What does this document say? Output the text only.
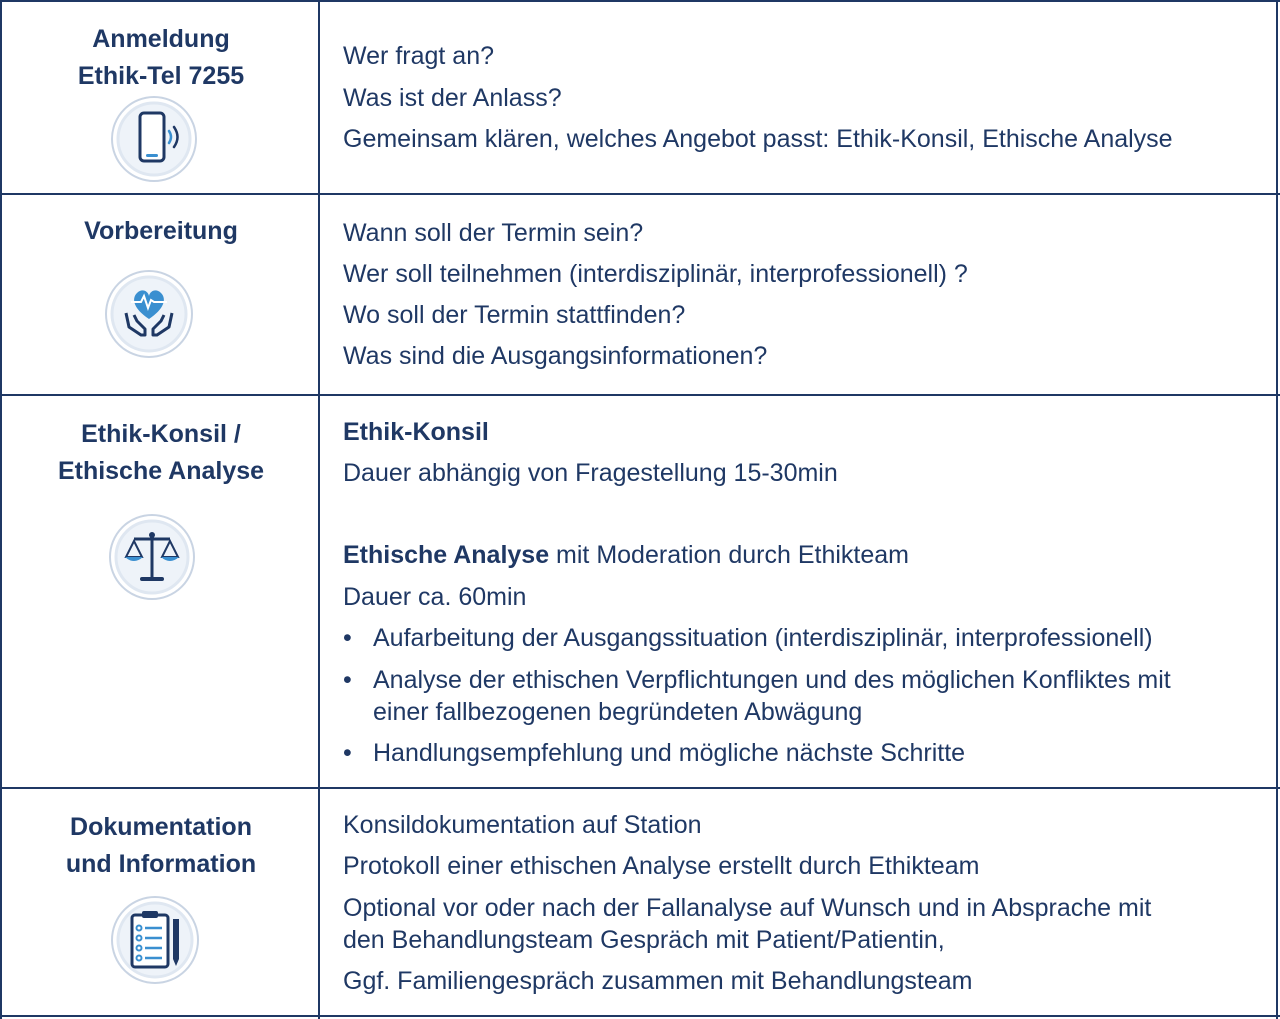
Anmeldung
Ethik-Tel 7255
Wer fragt an?
Was ist der Anlass?
Gemeinsam klären, welches Angebot passt: Ethik-Konsil, Ethische Analyse
Vorbereitung	Wann soll der Termin sein?
Wer soll teilnehmen (interdisziplinär, interprofessionell) ?
Wo soll der Termin stattfinden?
Was sind die Ausgangsinformationen?
Ethik-Konsil /
Ethische Analyse
Ethik-Konsil
Dauer abhängig von Fragestellung 15-30min
Ethische Analyse mit Moderation durch Ethikteam
Dauer ca. 60min
• Aufarbeitung der Ausgangssituation (interdisziplinär, interprofessionell)
• Analyse der ethischen Verpflichtungen und des möglichen Konfliktes mit
einer fallbezogenen begründeten Abwägung
• Handlungsempfehlung und mögliche nächste Schritte
Dokumentation
und Information
Konsildokumentation auf Station
Protokoll einer ethischen Analyse erstellt durch Ethikteam
Optional vor oder nach der Fallanalyse auf Wunsch und in Absprache mit
den Behandlungsteam Gespräch mit Patient/Patientin,
Ggf. Familiengespräch zusammen mit Behandlungsteam
